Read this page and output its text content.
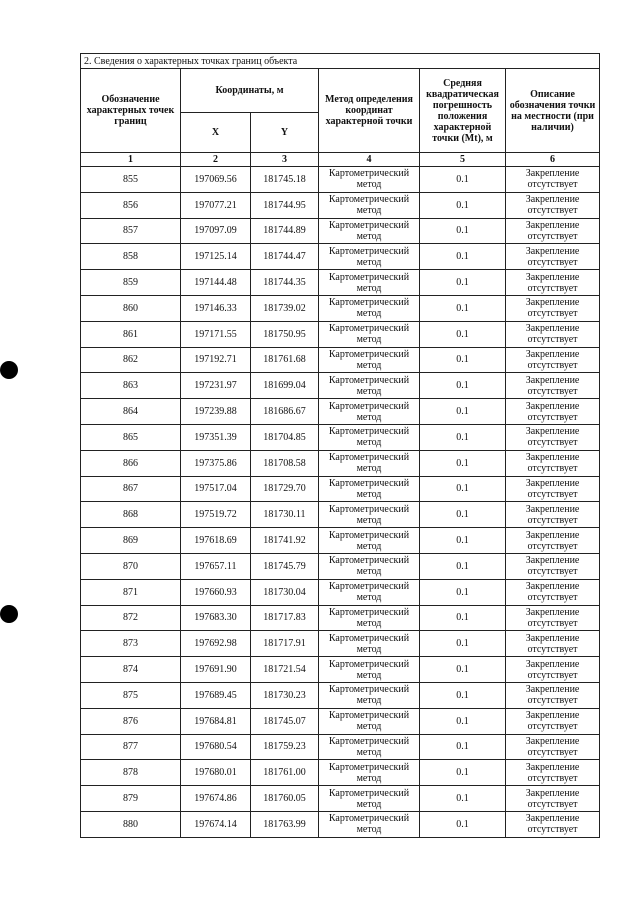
2. Сведения о характерных точках границ объекта					
Обозначение характерных точек границ	Координаты, м		Метод определения координат характерной точки	Средняя квадратическая погрешность положения характерной точки (Mt), м	Описание обозначения точки на местности (при наличии)
	X	Y			
1	2	3	4	5	6
855	197069.56	181745.18	Картометрический метод	0.1	Закрепление отсутствует
856	197077.21	181744.95	Картометрический метод	0.1	Закрепление отсутствует
857	197097.09	181744.89	Картометрический метод	0.1	Закрепление отсутствует
858	197125.14	181744.47	Картометрический метод	0.1	Закрепление отсутствует
859	197144.48	181744.35	Картометрический метод	0.1	Закрепление отсутствует
860	197146.33	181739.02	Картометрический метод	0.1	Закрепление отсутствует
861	197171.55	181750.95	Картометрический метод	0.1	Закрепление отсутствует
862	197192.71	181761.68	Картометрический метод	0.1	Закрепление отсутствует
863	197231.97	181699.04	Картометрический метод	0.1	Закрепление отсутствует
864	197239.88	181686.67	Картометрический метод	0.1	Закрепление отсутствует
865	197351.39	181704.85	Картометрический метод	0.1	Закрепление отсутствует
866	197375.86	181708.58	Картометрический метод	0.1	Закрепление отсутствует
867	197517.04	181729.70	Картометрический метод	0.1	Закрепление отсутствует
868	197519.72	181730.11	Картометрический метод	0.1	Закрепление отсутствует
869	197618.69	181741.92	Картометрический метод	0.1	Закрепление отсутствует
870	197657.11	181745.79	Картометрический метод	0.1	Закрепление отсутствует
871	197660.93	181730.04	Картометрический метод	0.1	Закрепление отсутствует
872	197683.30	181717.83	Картометрический метод	0.1	Закрепление отсутствует
873	197692.98	181717.91	Картометрический метод	0.1	Закрепление отсутствует
874	197691.90	181721.54	Картометрический метод	0.1	Закрепление отсутствует
875	197689.45	181730.23	Картометрический метод	0.1	Закрепление отсутствует
876	197684.81	181745.07	Картометрический метод	0.1	Закрепление отсутствует
877	197680.54	181759.23	Картометрический метод	0.1	Закрепление отсутствует
878	197680.01	181761.00	Картометрический метод	0.1	Закрепление отсутствует
879	197674.86	181760.05	Картометрический метод	0.1	Закрепление отсутствует
880	197674.14	181763.99	Картометрический метод	0.1	Закрепление отсутствует
